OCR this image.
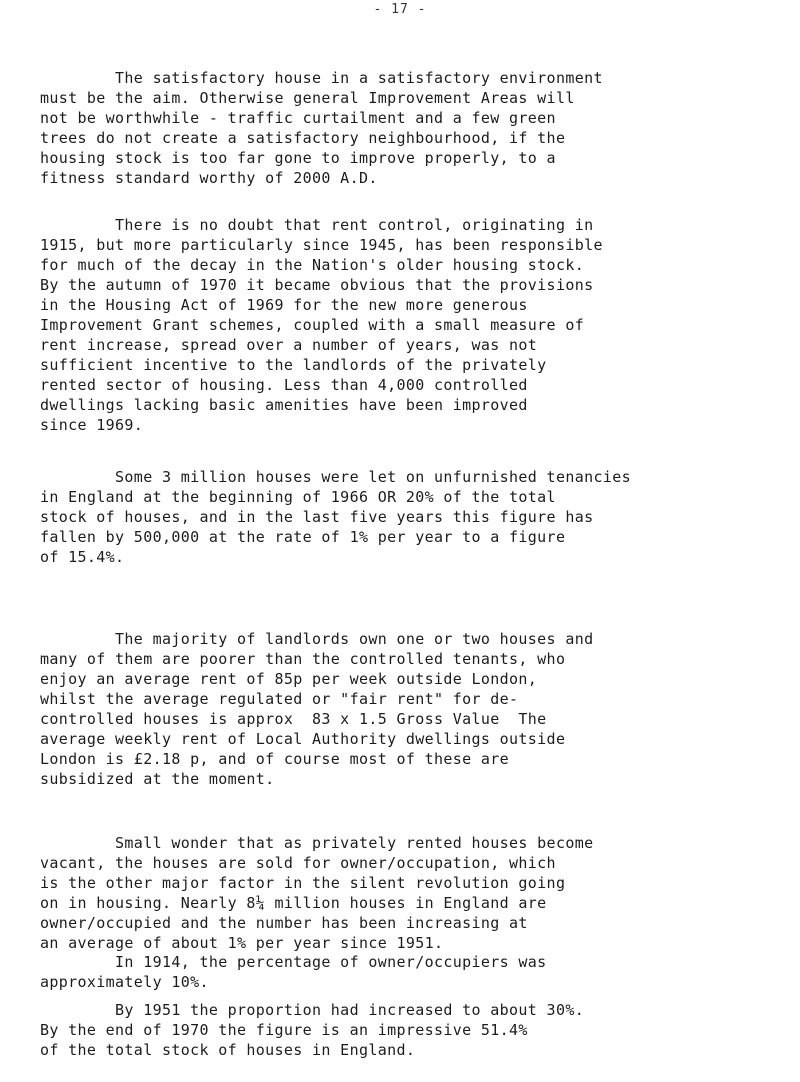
- 17 -
The satisfactory house in a satisfactory environment
must be the aim. Otherwise general Improvement Areas will
not be worthwhile - traffic curtailment and a few green
trees do not create a satisfactory neighbourhood, if the
housing stock is too far gone to improve properly, to a
fitness standard worthy of 2000 A.D.
There is no doubt that rent control, originating in
1915, but more particularly since 1945, has been responsible
for much of the decay in the Nation's older housing stock.
By the autumn of 1970 it became obvious that the provisions
in the Housing Act of 1969 for the new more generous
Improvement Grant schemes, coupled with a small measure of
rent increase, spread over a number of years, was not
sufficient incentive to the landlords of the privately
rented sector of housing. Less than 4,000 controlled
dwellings lacking basic amenities have been improved
since 1969.
Some 3 million houses were let on unfurnished tenancies
in England at the beginning of 1966 OR 20% of the total
stock of houses, and in the last five years this figure has
fallen by 500,000 at the rate of 1% per year to a figure
of 15.4%.
The majority of landlords own one or two houses and
many of them are poorer than the controlled tenants, who
enjoy an average rent of 85p per week outside London,
whilst the average regulated or "fair rent" for de-
controlled houses is approx  83 x 1.5 Gross Value  The
average weekly rent of Local Authority dwellings outside
London is £2.18 p, and of course most of these are
subsidized at the moment.
Small wonder that as privately rented houses become
vacant, the houses are sold for owner/occupation, which
is the other major factor in the silent revolution going
on in housing. Nearly 8¼ million houses in England are
owner/occupied and the number has been increasing at
an average of about 1% per year since 1951.
In 1914, the percentage of owner/occupiers was
approximately 10%.
By 1951 the proportion had increased to about 30%.
By the end of 1970 the figure is an impressive 51.4%
of the total stock of houses in England.
